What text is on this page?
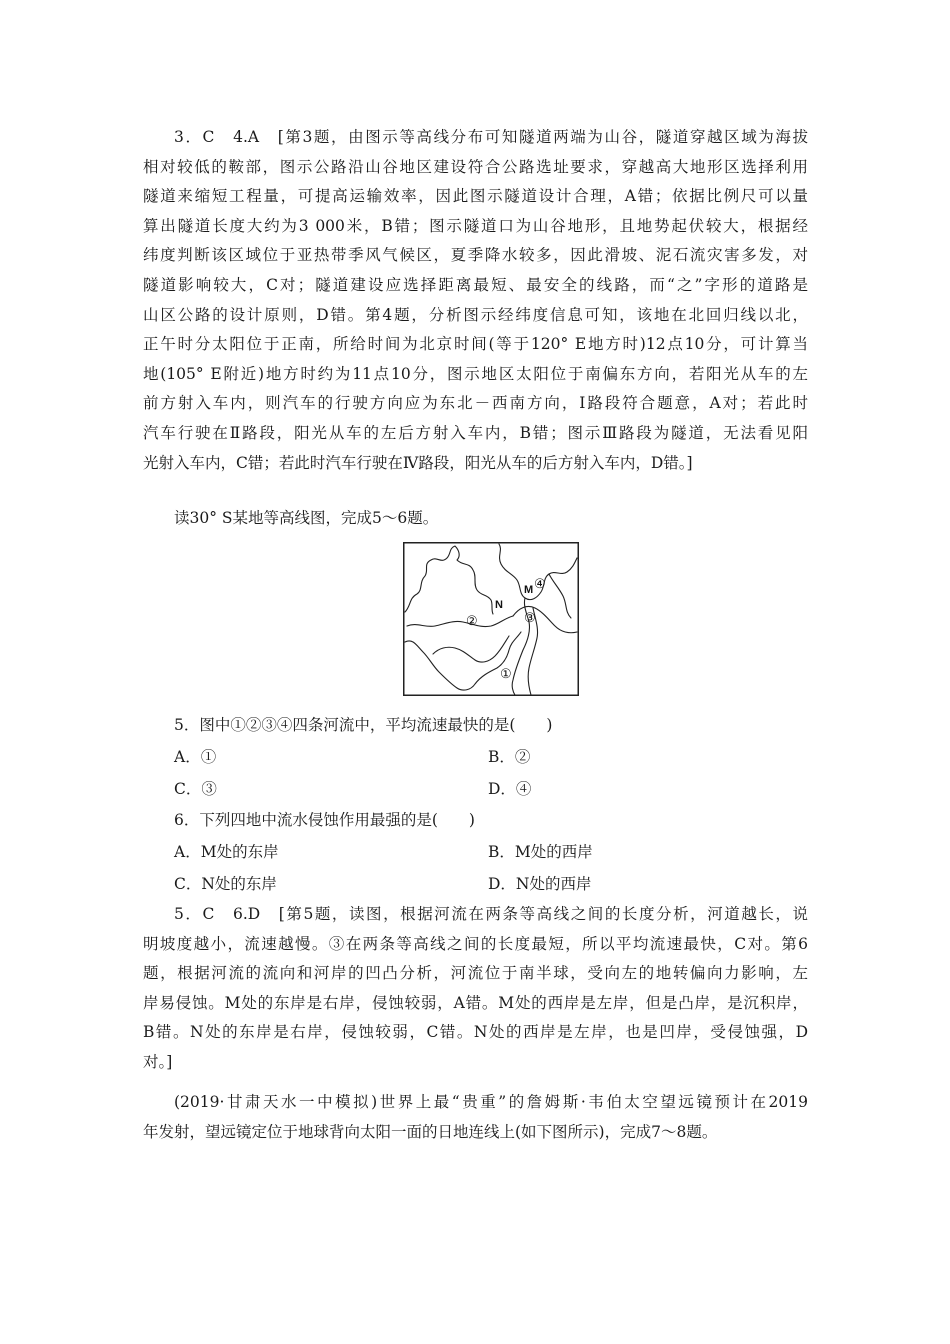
3．C　4.A　[第3题，由图示等高线分布可知隧道两端为山谷，隧道穿越区域为海拔
相对较低的鞍部，图示公路沿山谷地区建设符合公路选址要求，穿越高大地形区选择利用
隧道来缩短工程量，可提高运输效率，因此图示隧道设计合理，A错；依据比例尺可以量
算出隧道长度大约为3 000米，B错；图示隧道口为山谷地形，且地势起伏较大，根据经
纬度判断该区域位于亚热带季风气候区，夏季降水较多，因此滑坡、泥石流灾害多发，对
隧道影响较大，C对；隧道建设应选择距离最短、最安全的线路，而“之”字形的道路是
山区公路的设计原则，D错。第4题，分析图示经纬度信息可知，该地在北回归线以北，
正午时分太阳位于正南，所给时间为北京时间(等于120° E地方时)12点10分，可计算当
地(105° E附近)地方时约为11点10分，图示地区太阳位于南偏东方向，若阳光从车的左
前方射入车内，则汽车的行驶方向应为东北－西南方向，Ⅰ路段符合题意，A对；若此时
汽车行驶在Ⅱ路段，阳光从车的左后方射入车内，B错；图示Ⅲ路段为隧道，无法看见阳
光射入车内，C错；若此时汽车行驶在Ⅳ路段，阳光从车的后方射入车内，D错。]
读30° S某地等高线图，完成5～6题。
N
M ④
③
②
①
5．图中①②③④四条河流中，平均流速最快的是(　　)
A．①	B．②
C．③	D．④
6．下列四地中流水侵蚀作用最强的是(　　)
A．M处的东岸	B．M处的西岸
C．N处的东岸	D．N处的西岸
5．C　6.D　[第5题，读图，根据河流在两条等高线之间的长度分析，河道越长，说
明坡度越小，流速越慢。③在两条等高线之间的长度最短，所以平均流速最快，C对。第6
题，根据河流的流向和河岸的凹凸分析，河流位于南半球，受向左的地转偏向力影响，左
岸易侵蚀。M处的东岸是右岸，侵蚀较弱，A错。M处的西岸是左岸，但是凸岸，是沉积岸，
B错。N处的东岸是右岸，侵蚀较弱，C错。N处的西岸是左岸，也是凹岸，受侵蚀强，D
对。]
(2019·甘肃天水一中模拟)世界上最“贵重”的詹姆斯·韦伯太空望远镜预计在2019
年发射，望远镜定位于地球背向太阳一面的日地连线上(如下图所示)，完成7～8题。
